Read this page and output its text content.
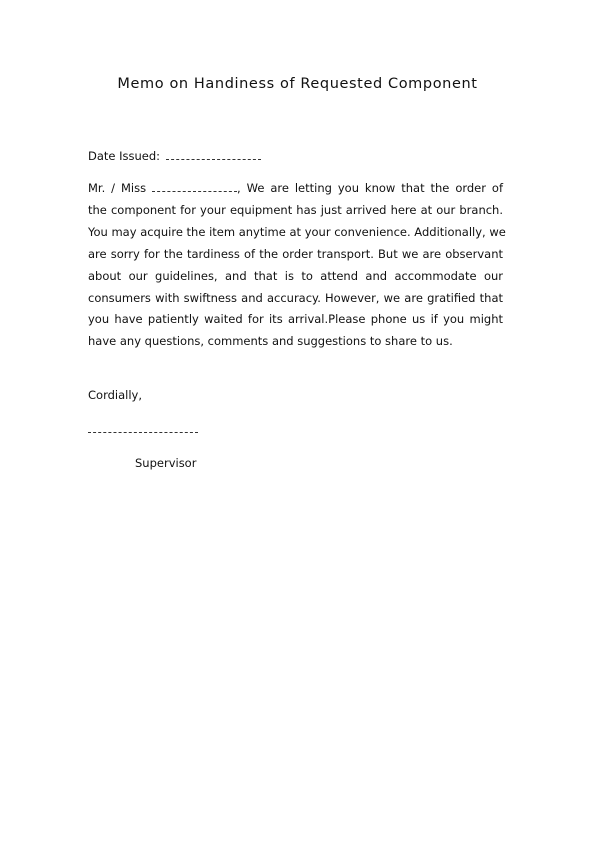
Memo on Handiness of Requested Component
Date Issued:
Mr. / Miss	, We are letting you know that the order of
the component for your equipment has just arrived here at our branch.
You may acquire the item anytime at your convenience. Additionally, we
are sorry for the tardiness of the order transport. But we are observant
about our guidelines, and that is to attend and accommodate our
consumers with swiftness and accuracy. However, we are gratified that
you have patiently waited for its arrival.Please phone us if you might
have any questions, comments and suggestions to share to us.
Cordially,
Supervisor
